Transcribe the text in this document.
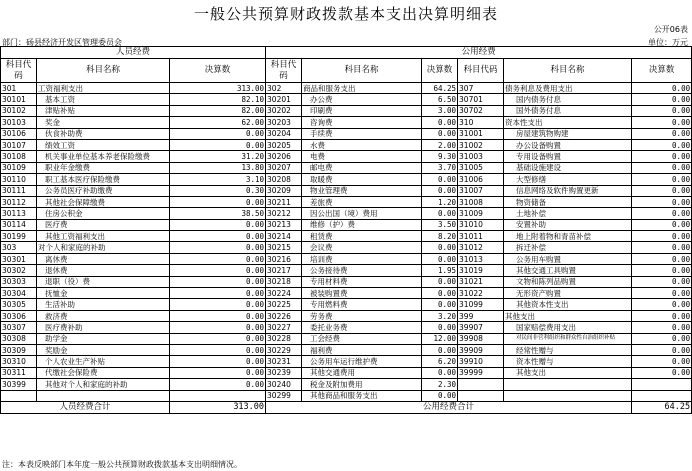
一般公共预算财政拨款基本支出决算明细表
公开06表
部门：砀县经济开发区管理委员会	单位：万元
人员经费			公用经费					
科目代码	科目名称	决算数	科目代码	科目名称	决算数	科目代码	科目名称	决算数
301	工资福利支出	313.00	302	商品和服务支出	64.25	307	债务利息及费用支出	0.00
30101	基本工资	82.10	30201	办公费	6.50	30701	国内债务付息	0.00
30102	津贴补贴	82.00	30202	印刷费	3.00	30702	国外债务付息	0.00
30103	奖金	62.00	30203	咨询费	0.00	310	资本性支出	0.00
30106	伙食补助费	0.00	30204	手续费	0.00	31001	房屋建筑物购建	0.00
30107	绩效工资	0.00	30205	水费	2.00	31002	办公设备购置	0.00
30108	机关事业单位基本养老保险缴费	31.20	30206	电费	9.30	31003	专用设备购置	0.00
30109	职业年金缴费	13.80	30207	邮电费	3.70	31005	基础设施建设	0.00
30110	职工基本医疗保险缴费	3.10	30208	取暖费	0.00	31006	大型修缮	0.00
30111	公务员医疗补助缴费	0.30	30209	物业管理费	0.00	31007	信息网络及软件购置更新	0.00
30112	其他社会保障缴费	0.00	30211	差旅费	1.20	31008	物资储备	0.00
30113	住房公积金	38.50	30212	因公出国（境）费用	0.00	31009	土地补偿	0.00
30114	医疗费	0.00	30213	维修（护）费	3.50	31010	安置补助	0.00
30199	其他工资福利支出	0.00	30214	租赁费	8.20	31011	地上附着物和青苗补偿	0.00
303	对个人和家庭的补助	0.00	30215	会议费	0.00	31012	拆迁补偿	0.00
30301	离休费	0.00	30216	培训费	0.00	31013	公务用车购置	0.00
30302	退休费	0.00	30217	公务接待费	1.95	31019	其他交通工具购置	0.00
30303	退职（役）费	0.00	30218	专用材料费	0.00	31021	文物和陈列品购置	0.00
30304	抚恤金	0.00	30224	被装购置费	0.00	31022	无形资产购置	0.00
30305	生活补助	0.00	30225	专用燃料费	0.00	31099	其他资本性支出	0.00
30306	救济费	0.00	30226	劳务费	3.20	399	其他支出	0.00
30307	医疗费补助	0.00	30227	委托业务费	0.00	39907	国家赔偿费用支出	0.00
30308	助学金	0.00	30228	工会经费	12.00	39908	对民间非营利组织和群众性自治组织补贴	0.00
30309	奖励金	0.00	30229	福利费	0.00	39909	经常性赠与	0.00
30310	个人农业生产补贴	0.00	30231	公务用车运行维护费	6.20	39910	资本性赠与	0.00
30311	代缴社会保险费	0.00	30239	其他交通费用	0.00	39999	其他支出	0.00
30399	其他对个人和家庭的补助	0.00	30240	税金及附加费用	2.30			
			30299	其他商品和服务支出	0.00			
人员经费合计		313.00	公用经费合计					64.25
注：本表反映部门本年度一般公共预算财政拨款基本支出明细情况。
